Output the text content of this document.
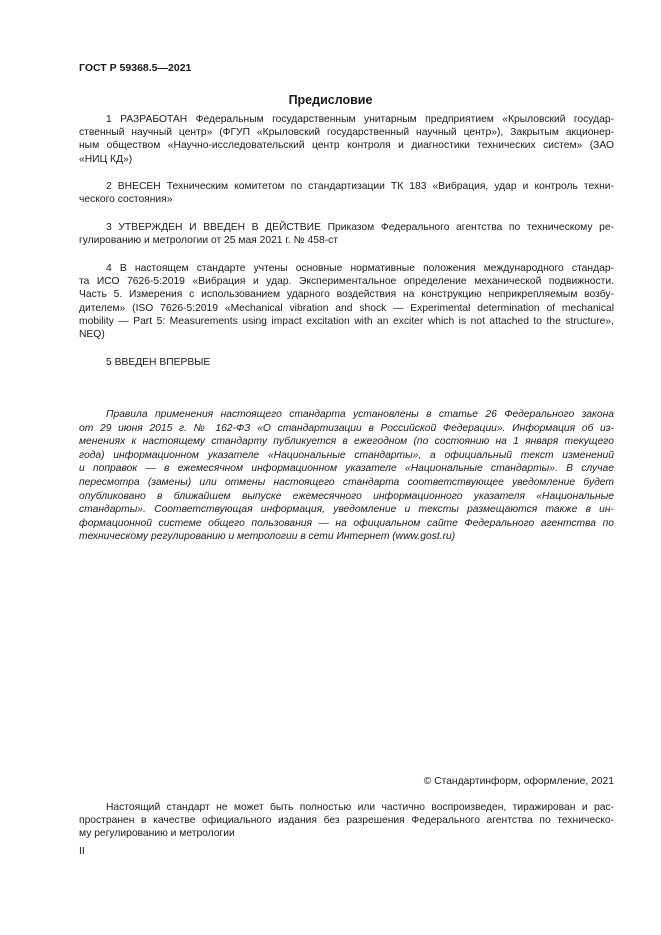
ГОСТ Р 59368.5—2021
Предисловие
1 РАЗРАБОТАН Федеральным государственным унитарным предприятием «Крыловский государ-
ственный научный центр» (ФГУП «Крыловский государственный научный центр»), Закрытым акционер-
ным обществом «Научно-исследовательский центр контроля и диагностики технических систем» (ЗАО
«НИЦ КД»)
2 ВНЕСЕН Техническим комитетом по стандартизации ТК 183 «Вибрация, удар и контроль техни-
ческого состояния»
3 УТВЕРЖДЕН И ВВЕДЕН В ДЕЙСТВИЕ Приказом Федерального агентства по техническому ре-
гулированию и метрологии от 25 мая 2021 г. № 458-ст
4 В настоящем стандарте учтены основные нормативные положения международного стандар-
та ИСО 7626-5:2019 «Вибрация и удар. Экспериментальное определение механической подвижности.
Часть 5. Измерения с использованием ударного воздействия на конструкцию неприкрепляемым возбу-
дителем» (ISO 7626-5:2019 «Mechanical vibration and shock — Experimental determination of mechanical
mobility — Part 5: Measurements using impact excitation with an exciter which is not attached to the structure»,
NEQ)
5 ВВЕДЕН ВПЕРВЫЕ
Правила применения настоящего стандарта установлены в статье 26 Федерального закона
от 29 июня 2015 г. № 162-ФЗ «О стандартизации в Российской Федерации». Информация об из-
менениях к настоящему стандарту публикуется в ежегодном (по состоянию на 1 января текущего
года) информационном указателе «Национальные стандарты», а официальный текст изменений
и поправок — в ежемесячном информационном указателе «Национальные стандарты». В случае
пересмотра (замены) или отмены настоящего стандарта соответствующее уведомление будет
опубликовано в ближайшем выпуске ежемесячного информационного указателя «Национальные
стандарты». Соответствующая информация, уведомление и тексты размещаются также в ин-
формационной системе общего пользования — на официальном сайте Федерального агентства по
техническому регулированию и метрологии в сети Интернет (www.gost.ru)
© Стандартинформ, оформление, 2021
Настоящий стандарт не может быть полностью или частично воспроизведен, тиражирован и рас-
пространен в качестве официального издания без разрешения Федерального агентства по техническо-
му регулированию и метрологии
II
